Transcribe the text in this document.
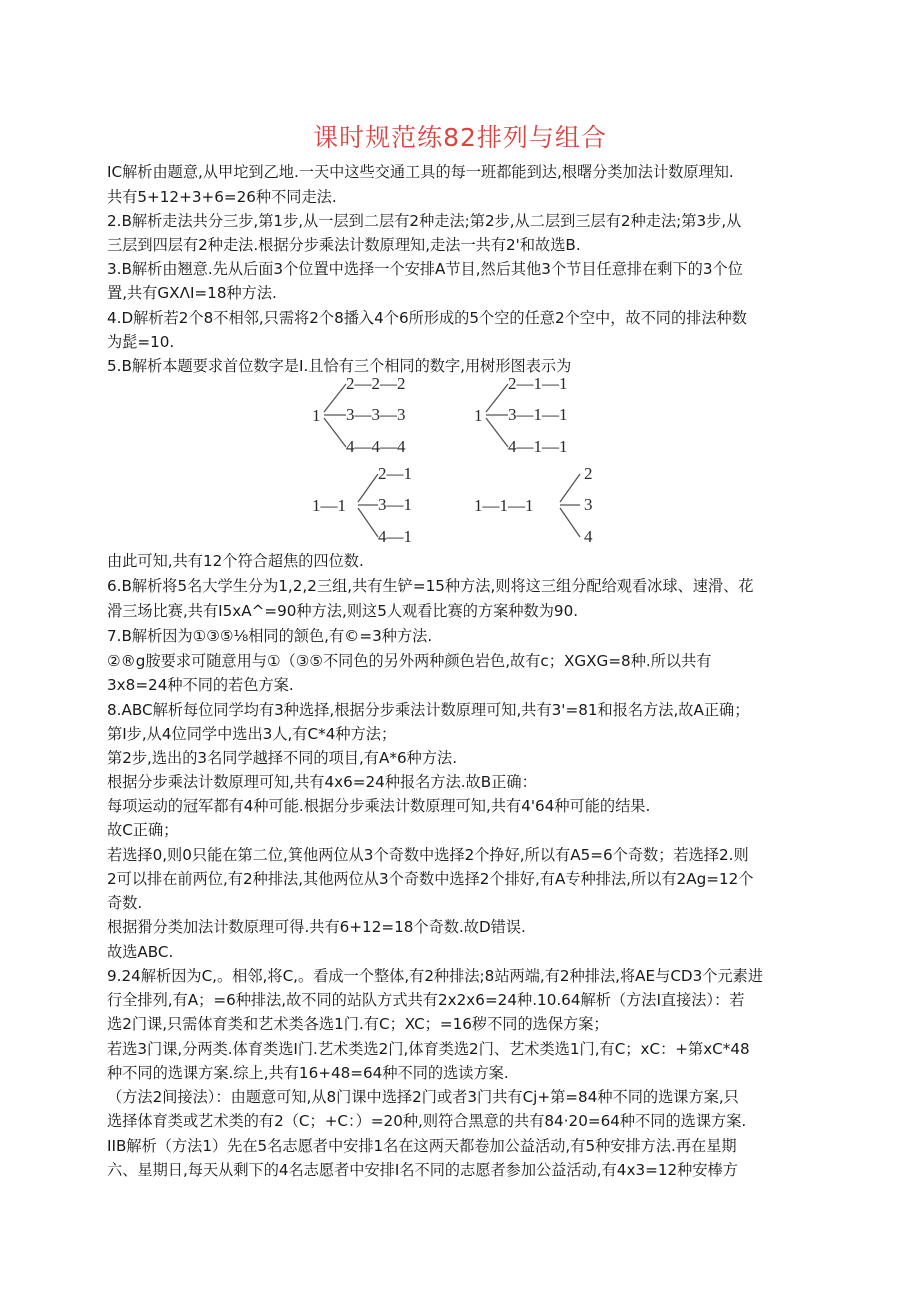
课时规范练82排列与组合
IC解析由题意,从甲坨到乙地.一天中这些交通工具的每一班都能到达,根曙分类加法计数原理知.
共有5+12+3+6=26种不同走法.
2.B解析走法共分三步,第1步,从一层到二层有2种走法;第2步,从二层到三层有2种走法;第3步,从
三层到四层有2种走法.根据分步乘法计数原理知,走法一共有2'和故选B.
3.B解析由翘意.先从后面3个位置中选择一个安排A节目,然后其他3个节目任意排在剩下的3个位
置,共有GXΛI=18种方法.
4.D解析若2个8不相邻,只需将2个8播入4个6所形成的5个空的任意2个空中，故不同的排法种数
为髭=10.
5.B解析本题要求首位数字是I.且恰有三个相同的数字,用树形图表示为
1
2—2—2
3—3—3
4—4—4
1
2—1—1
3—1—1
4—1—1
1—1
2—1
3—1
4—1
1—1—1
2
3
4
由此可知,共有12个符合超焦的四位数.
6.B解析将5名大学生分为1,2,2三组,共有生铲=15种方法,则将这三组分配给观看冰球、速滑、花
滑三场比赛,共有I5xA^=90种方法,则这5人观看比赛的方案种数为90.
7.B解析因为①③⑤⅛相同的颔色,有©=3种方法.
②®g胺要求可随意用与①（③⑤不同色的另外两种颜色岩色,故有c；XGXG=8种.所以共有
3x8=24种不同的若色方案.
8.ABC解析每位同学均有3种选择,根据分步乘法计数原理可知,共有3'=81和报名方法,故A正确；
第I步,从4位同学中选出3人,有C*4种方法；
第2步,选出的3名同学越择不同的项目,有A*6种方法.
根据分步乘法计数原理可知,共有4x6=24种报名方法.故B正确：
每项运动的冠军都有4种可能.根据分步乘法计数原理可知,共有4'64种可能的结果.
故C正确；
若选择0,则0只能在第二位,箕他两位从3个奇数中选择2个挣好,所以有A5=6个奇数；若选择2.则
2可以排在前两位,有2种排法,其他两位从3个奇数中选择2个排好,有A专种排法,所以有2Ag=12个
奇数.
根据猾分类加法计数原理可得.共有6+12=18个奇数.故D错误.
故选ABC.
9.24解析因为C,。相邻,将C,。看成一个整体,有2种排法;8站两端,有2种排法,将AE与CD3个元素进
行全排列,有A；=6种排法,故不同的站队方式共有2x2x6=24种.10.64解析（方法I直接法）：若
选2门课,只需体育类和艺术类各选1门.有C；XC；=16秽不同的选保方案；
若选3门课,分两类.体育类选I门.艺术类选2门,体育类选2门、艺术类选1门,有C；xC：+第xC*48
种不同的选课方案.综上,共有16+48=64种不同的选读方案.
（方法2间接法）：由题意可知,从8门课中选择2门或者3门共有Cj+第=84种不同的选课方案,只
选择体育类或艺术类的有2（C；+C：）=20种,则符合黑意的共有84·20=64种不同的选课方案.
IIB解析（方法1）先在5名志愿者中安排1名在这两天都卷加公益活动,有5种安排方法.再在星期
六、星期日,每天从剩下的4名志愿者中安排I名不同的志愿者参加公益活动,有4x3=12种安棒方
